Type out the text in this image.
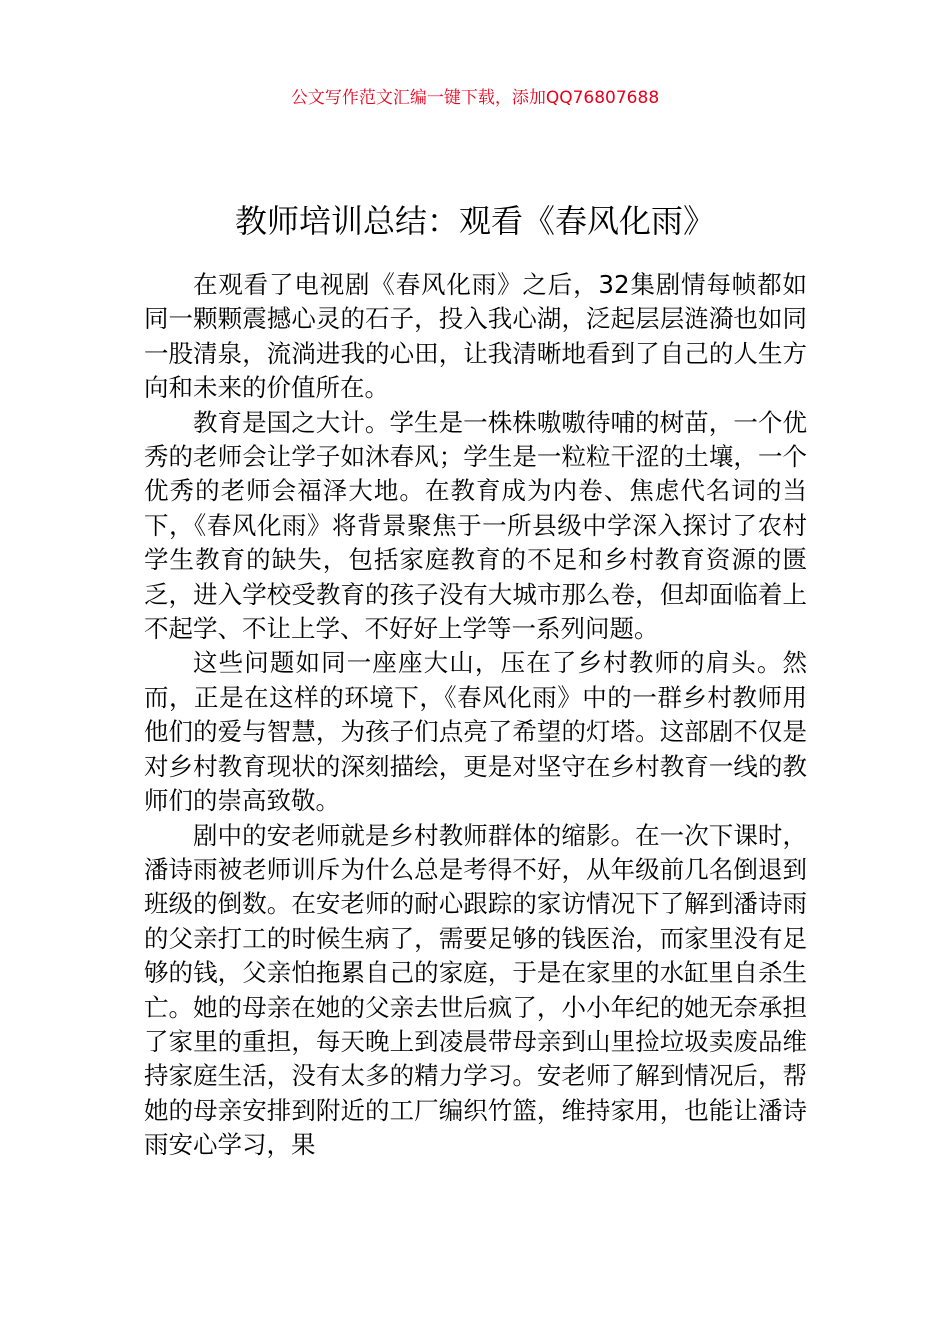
公文写作范文汇编一键下载，添加QQ76807688
教师培训总结：观看《春风化雨》

在观看了电视剧《春风化雨》之后，32集剧情每帧都如同一颗颗震撼心灵的石子，投入我心湖，泛起层层涟漪也如同一股清泉，流淌进我的心田，让我清晰地看到了自己的人生方向和未来的价值所在。

教育是国之大计。学生是一株株嗷嗷待哺的树苗，一个优秀的老师会让学子如沐春风；学生是一粒粒干涩的土壤，一个优秀的老师会福泽大地。在教育成为内卷、焦虑代名词的当下，《春风化雨》将背景聚焦于一所县级中学深入探讨了农村学生教育的缺失，包括家庭教育的不足和乡村教育资源的匮乏，进入学校受教育的孩子没有大城市那么卷，但却面临着上不起学、不让上学、不好好上学等一系列问题。

这些问题如同一座座大山，压在了乡村教师的肩头。然而，正是在这样的环境下，《春风化雨》中的一群乡村教师用他们的爱与智慧，为孩子们点亮了希望的灯塔。这部剧不仅是对乡村教育现状的深刻描绘，更是对坚守在乡村教育一线的教师们的崇高致敬。

剧中的安老师就是乡村教师群体的缩影。在一次下课时，潘诗雨被老师训斥为什么总是考得不好，从年级前几名倒退到班级的倒数。在安老师的耐心跟踪的家访情况下了解到潘诗雨的父亲打工的时候生病了，需要足够的钱医治，而家里没有足够的钱，父亲怕拖累自己的家庭，于是在家里的水缸里自杀生亡。她的母亲在她的父亲去世后疯了，小小年纪的她无奈承担了家里的重担，每天晚上到凌晨带母亲到山里捡垃圾卖废品维持家庭生活，没有太多的精力学习。安老师了解到情况后，帮她的母亲安排到附近的工厂编织竹篮，维持家用，也能让潘诗雨安心学习，果
